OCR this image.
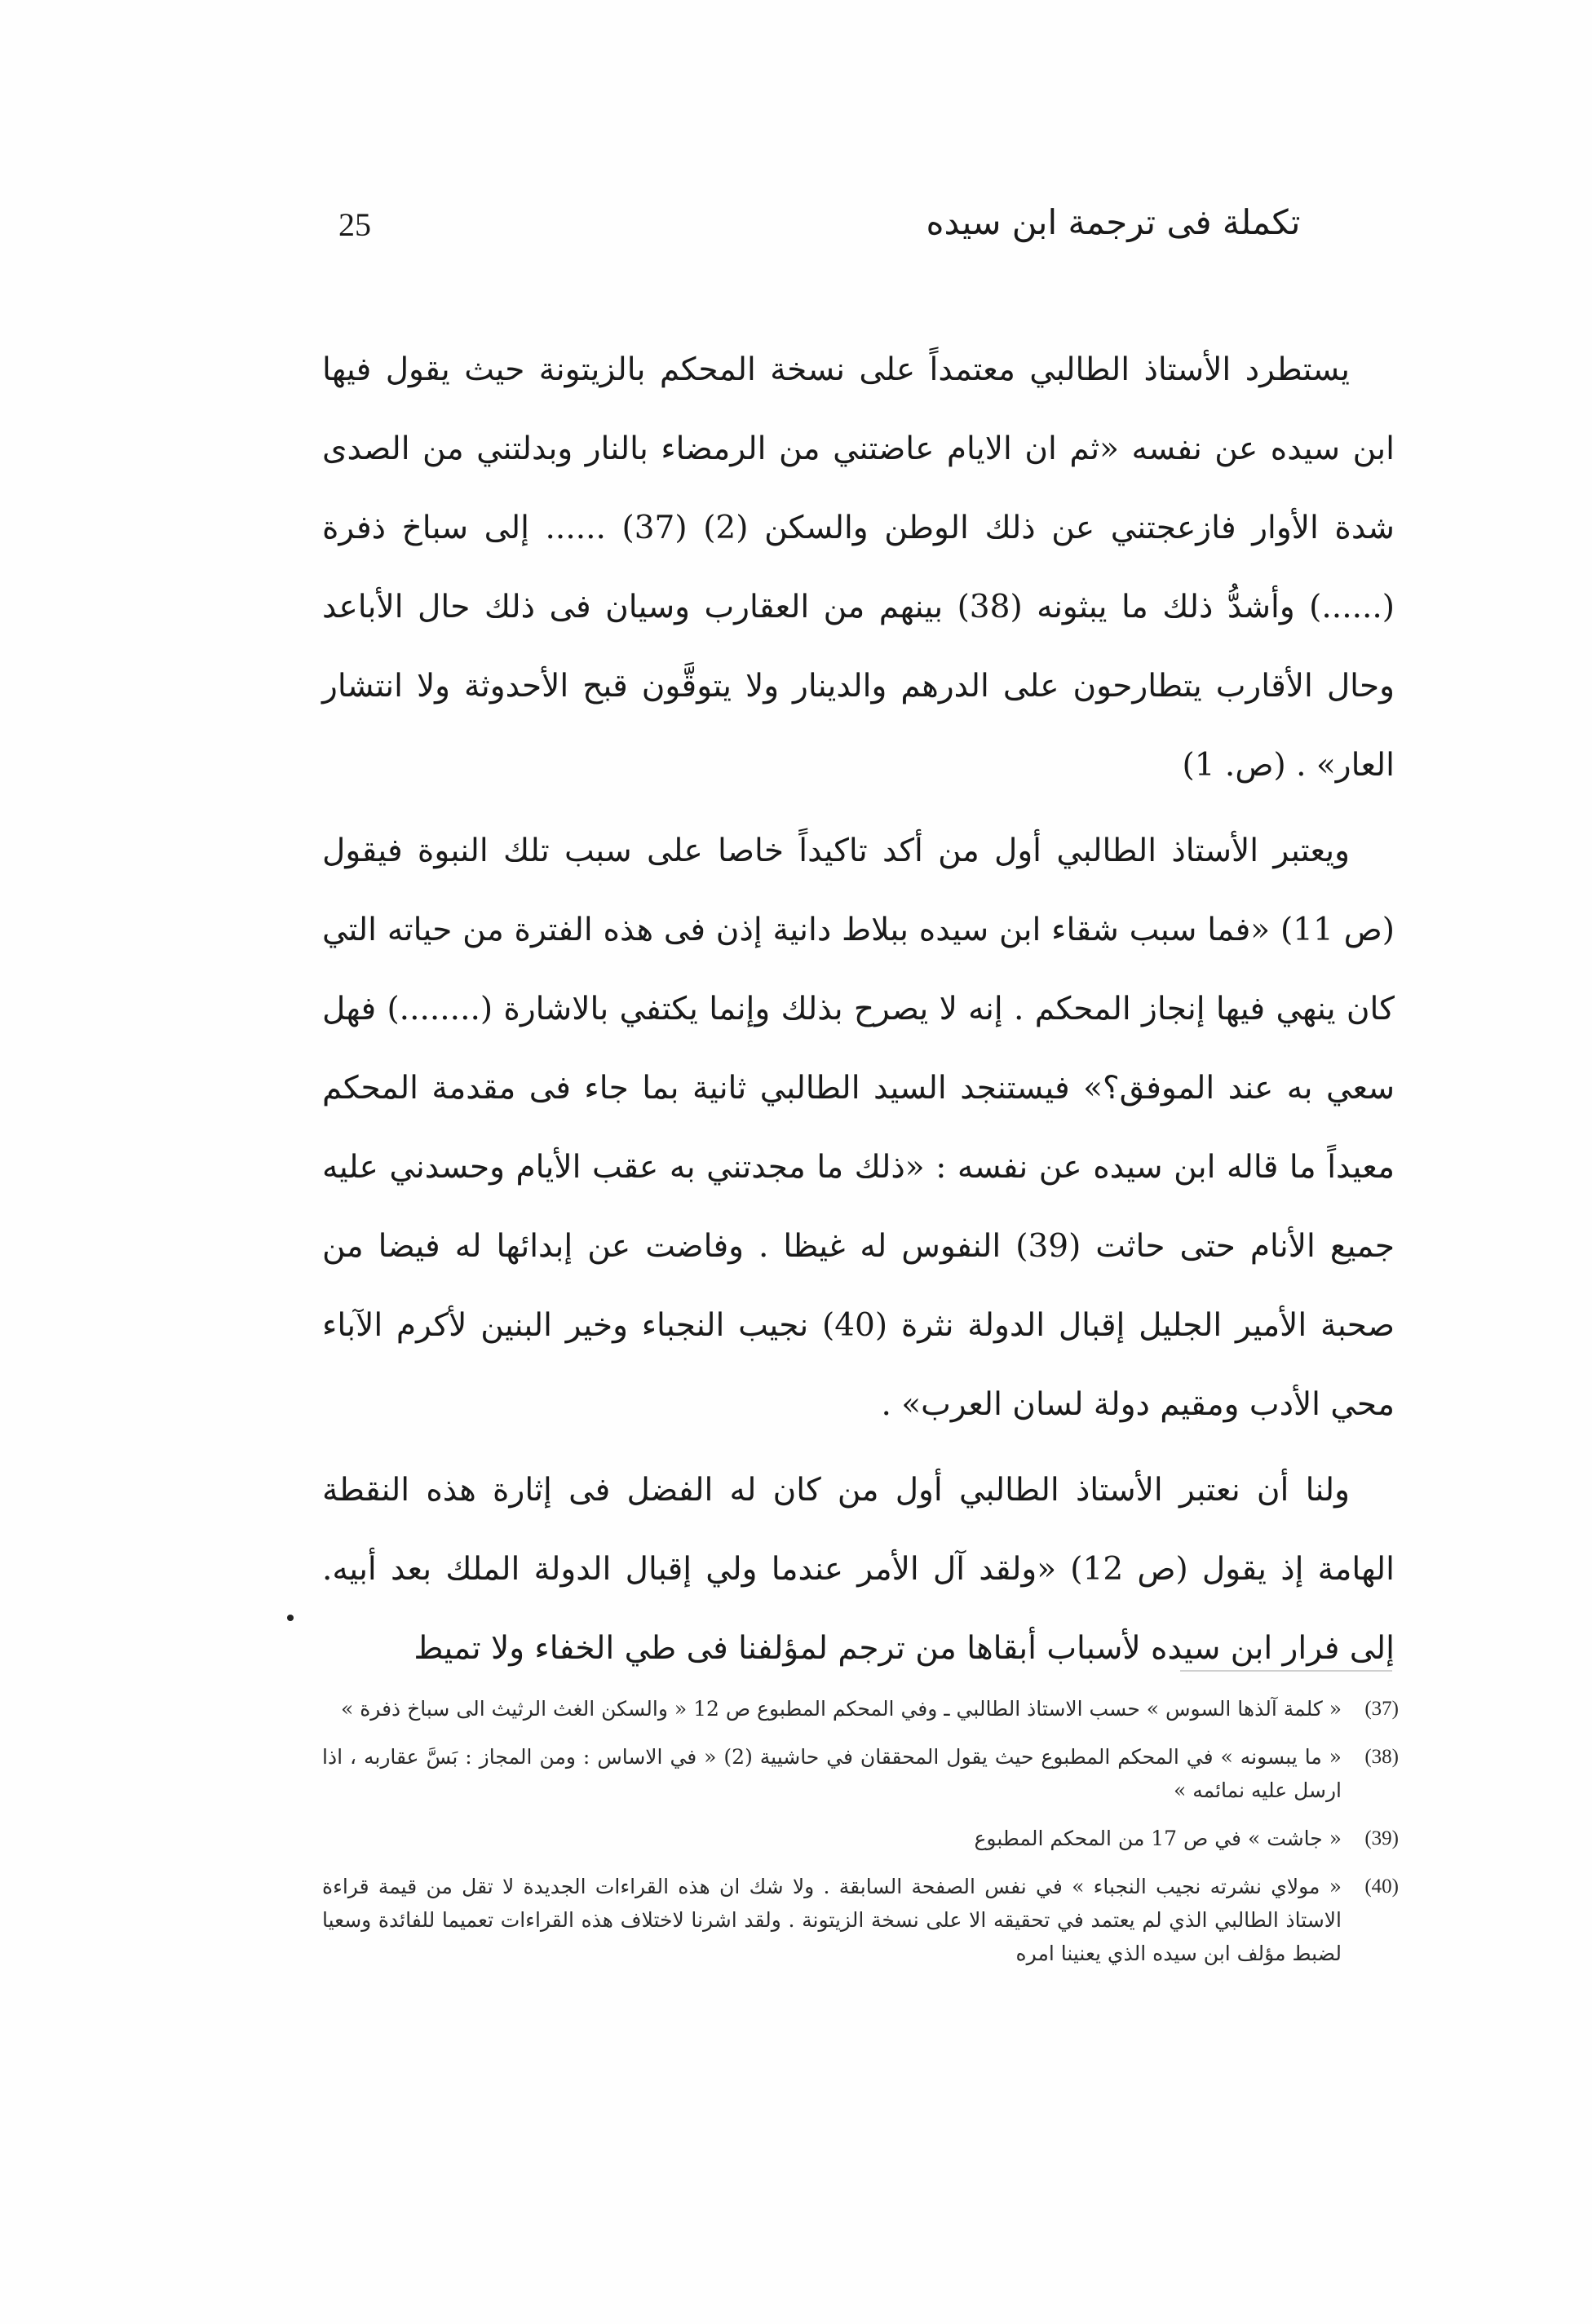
25	تكملة فى ترجمة ابن سيده

يستطرد الأستاذ الطالبي معتمداً على نسخة المحكم بالزيتونة حيث يقول فيها ابن سيده عن نفسه «ثم ان الايام عاضتني من الرمضاء بالنار وبدلتني من الصدى شدة الأوار فازعجتني عن ذلك الوطن والسكن (2) (37) ...... إلى سباخ ذفرة (......) وأشدُّ ذلك ما يبثونه (38) بينهم من العقارب وسيان فى ذلك حال الأباعد وحال الأقارب يتطارحون على الدرهم والدينار ولا يتوقَّون قبح الأحدوثة ولا انتشار العار» . (ص. 1)

ويعتبر الأستاذ الطالبي أول من أكد تاكيداً خاصا على سبب تلك النبوة فيقول (ص 11) «فما سبب شقاء ابن سيده ببلاط دانية إذن فى هذه الفترة من حياته التي كان ينهي فيها إنجاز المحكم . إنه لا يصرح بذلك وإنما يكتفي بالاشارة (........) فهل سعي به عند الموفق؟» فيستنجد السيد الطالبي ثانية بما جاء فى مقدمة المحكم معيداً ما قاله ابن سيده عن نفسه : «ذلك ما مجدتني به عقب الأيام وحسدني عليه جميع الأنام حتى حاثت (39) النفوس له غيظا . وفاضت عن إبدائها له فيضا من صحبة الأمير الجليل إقبال الدولة نثرة (40) نجيب النجباء وخير البنين لأكرم الآباء محي الأدب ومقيم دولة لسان العرب» .

ولنا أن نعتبر الأستاذ الطالبي أول من كان له الفضل فى إثارة هذه النقطة الهامة إذ يقول (ص 12) «ولقد آل الأمر عندما ولي إقبال الدولة الملك بعد أبيه. إلى فرار ابن سيده لأسباب أبقاها من ترجم لمؤلفنا فى طي الخفاء ولا تميط

(37)
« كلمة آلذها السوس » حسب الاستاذ الطالبي ـ وفي المحكم المطبوع ص 12 « والسكن الغث الرثيث الى سباخ ذفرة »
(38)
« ما يبسونه » في المحكم المطبوع حيث يقول المحققان في حاشيية (2) « في الاساس : ومن المجاز : بَسَّ عقاربه ، اذا ارسل عليه نمائمه »
(39)
« جاشت » في ص 17 من المحكم المطبوع
(40)
« مولاي نشرته نجيب النجباء » في نفس الصفحة السابقة . ولا شك ان هذه القراءات الجديدة لا تقل من قيمة قراءة الاستاذ الطالبي الذي لم يعتمد في تحقيقه الا على نسخة الزيتونة . ولقد اشرنا لاختلاف هذه القراءات تعميما للفائدة وسعيا لضبط مؤلف ابن سيده الذي يعنينا امره
